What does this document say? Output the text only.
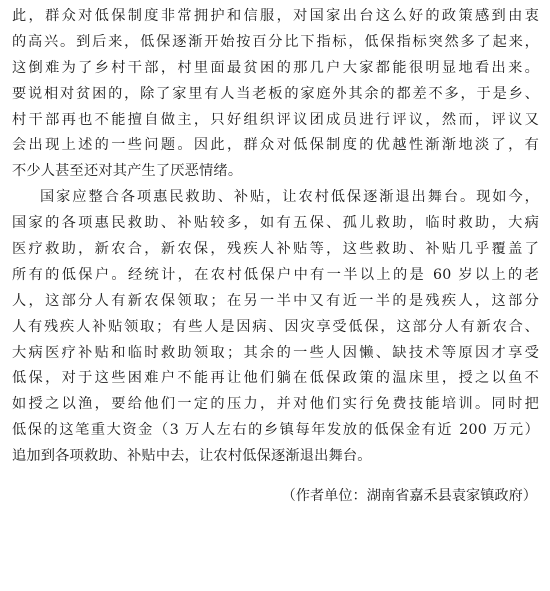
此，群众对低保制度非常拥护和信服，对国家出台这么好的政策感到由衷
的高兴。到后来，低保逐渐开始按百分比下指标，低保指标突然多了起来，
这倒难为了乡村干部，村里面最贫困的那几户大家都能很明显地看出来。
要说相对贫困的，除了家里有人当老板的家庭外其余的都差不多，于是乡、
村干部再也不能擅自做主，只好组织评议团成员进行评议，然而，评议又
会出现上述的一些问题。因此，群众对低保制度的优越性渐渐地淡了，有
不少人甚至还对其产生了厌恶情绪。
国家应整合各项惠民救助、补贴，让农村低保逐渐退出舞台。现如今，
国家的各项惠民救助、补贴较多，如有五保、孤儿救助，临时救助，大病
医疗救助，新农合，新农保，残疾人补贴等，这些救助、补贴几乎覆盖了
所有的低保户。经统计，在农村低保户中有一半以上的是 60 岁以上的老
人，这部分人有新农保领取；在另一半中又有近一半的是残疾人，这部分
人有残疾人补贴领取；有些人是因病、因灾享受低保，这部分人有新农合、
大病医疗补贴和临时救助领取；其余的一些人因懒、缺技术等原因才享受
低保，对于这些困难户不能再让他们躺在低保政策的温床里，授之以鱼不
如授之以渔，要给他们一定的压力，并对他们实行免费技能培训。同时把
低保的这笔重大资金（3 万人左右的乡镇每年发放的低保金有近 200 万元）
追加到各项救助、补贴中去，让农村低保逐渐退出舞台。
（作者单位：湖南省嘉禾县袁家镇政府）
